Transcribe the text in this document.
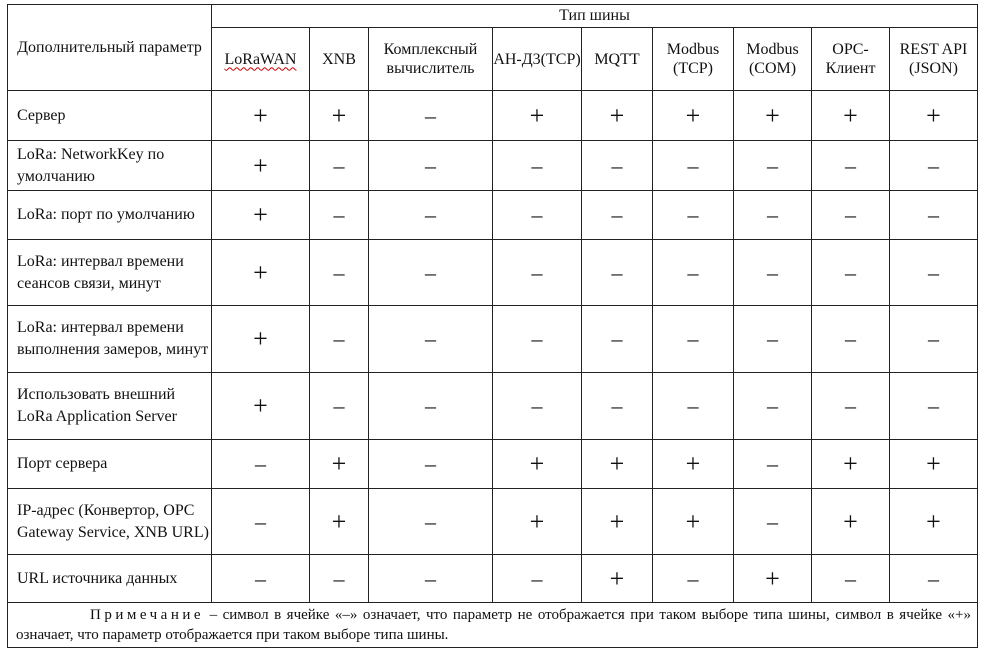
Дополнительный параметр	Тип шины								
	LoRaWAN	XNB	Комплексный вычислитель	АН-Д3(TCP)	MQTT	Modbus (TCP)	Modbus (COM)	OPC-Клиент	REST API (JSON)
Сервер	+	+	–	+	+	+	+	+	+
LoRa: NetworkKey по умолчанию	+	–	–	–	–	–	–	–	–
LoRa: порт по умолчанию	+	–	–	–	–	–	–	–	–
LoRa: интервал времени сеансов связи, минут	+	–	–	–	–	–	–	–	–
LoRa: интервал времени выполнения замеров, минут	+	–	–	–	–	–	–	–	–
Использовать внешний LoRa Application Server	+	–	–	–	–	–	–	–	–
Порт сервера	–	+	–	+	+	+	–	+	+
IP-адрес (Конвертор, OPC Gateway Service, XNB URL)	–	+	–	+	+	+	–	+	+
URL источника данных	–	–	–	–	+	–	+	–	–
Примечание – символ в ячейке «–» означает, что параметр не отображается при таком выборе типа шины, символ в ячейке «+» означает, что параметр отображается при таком выборе типа шины.									
